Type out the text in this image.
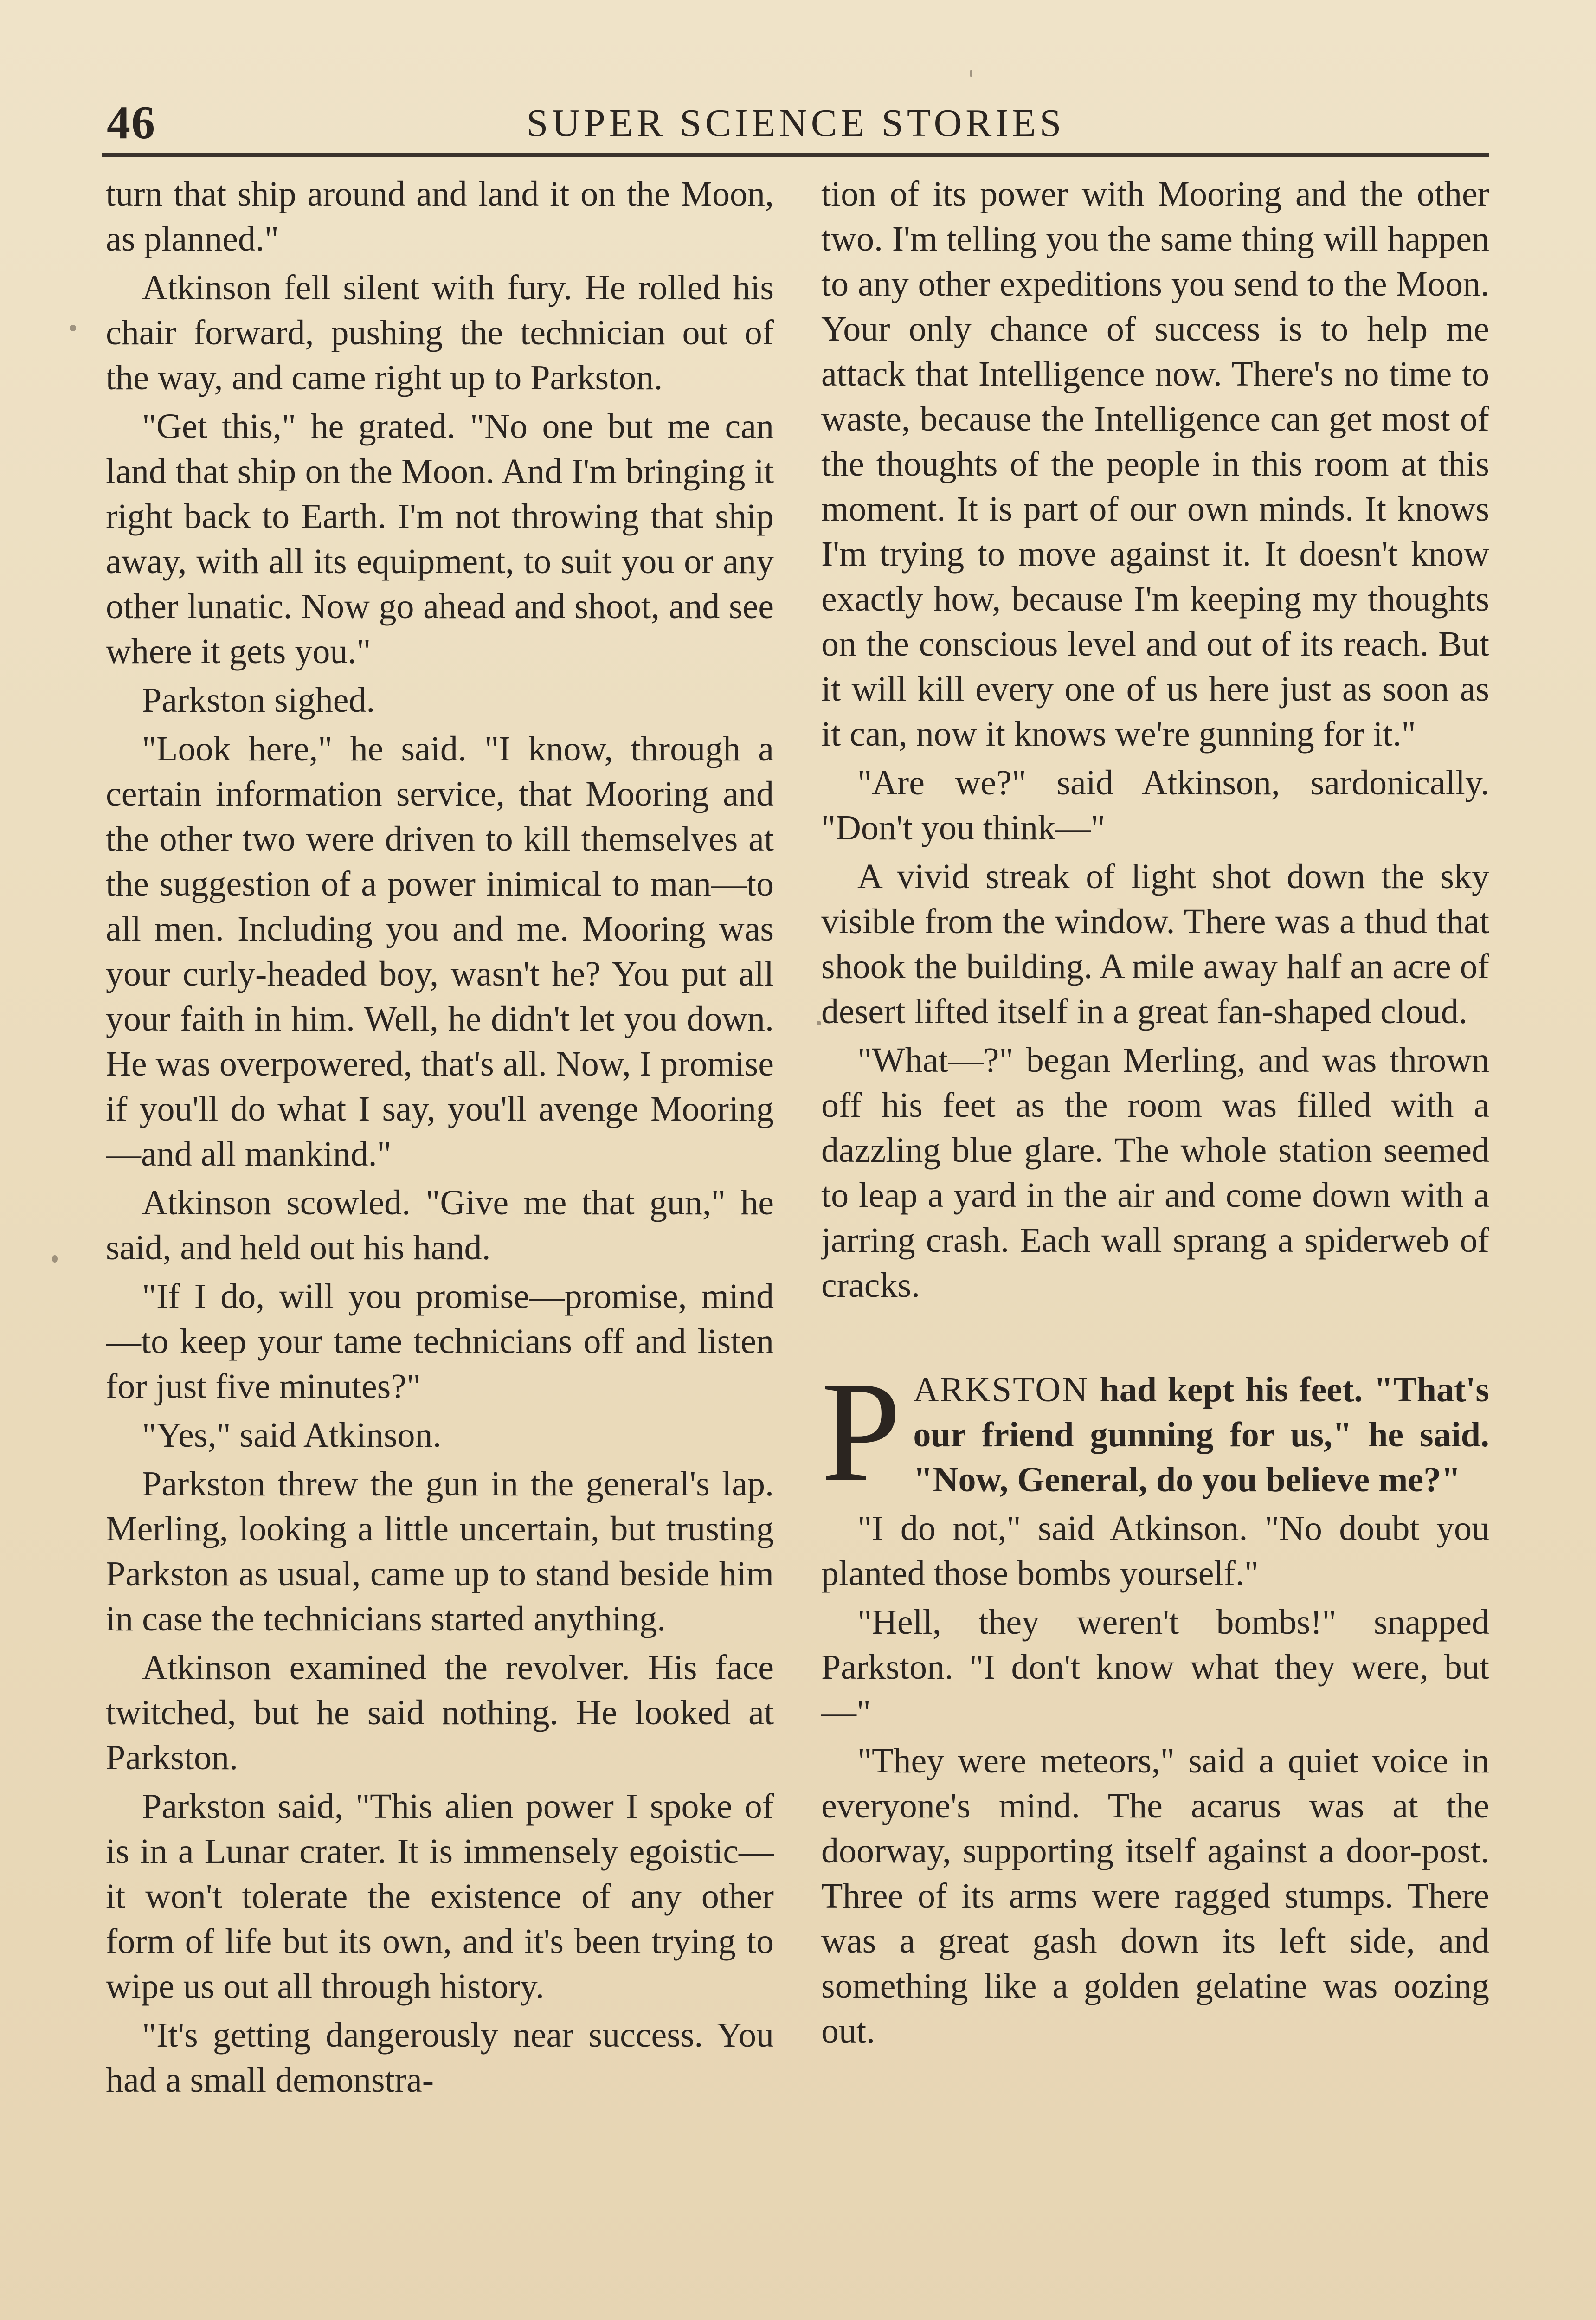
46	SUPER SCIENCE STORIES

turn that ship around and land it on the Moon, as planned."

Atkinson fell silent with fury. He rolled his chair forward, pushing the technician out of the way, and came right up to Parkston.

"Get this," he grated. "No one but me can land that ship on the Moon. And I'm bringing it right back to Earth. I'm not throwing that ship away, with all its equipment, to suit you or any other lunatic. Now go ahead and shoot, and see where it gets you."

Parkston sighed.

"Look here," he said. "I know, through a certain information service, that Mooring and the other two were driven to kill themselves at the suggestion of a power inimical to man—to all men. Including you and me. Mooring was your curly-headed boy, wasn't he? You put all your faith in him. Well, he didn't let you down. He was overpowered, that's all. Now, I promise if you'll do what I say, you'll avenge Mooring—and all mankind."

Atkinson scowled. "Give me that gun," he said, and held out his hand.

"If I do, will you promise—promise, mind—to keep your tame technicians off and listen for just five minutes?"

"Yes," said Atkinson.

Parkston threw the gun in the general's lap. Merling, looking a little uncertain, but trusting Parkston as usual, came up to stand beside him in case the technicians started anything.

Atkinson examined the revolver. His face twitched, but he said nothing. He looked at Parkston.

Parkston said, "This alien power I spoke of is in a Lunar crater. It is immensely egoistic—it won't tolerate the existence of any other form of life but its own, and it's been trying to wipe us out all through history.

"It's getting dangerously near success. You had a small demonstra-

tion of its power with Mooring and the other two. I'm telling you the same thing will happen to any other expeditions you send to the Moon. Your only chance of success is to help me attack that Intelligence now. There's no time to waste, because the Intelligence can get most of the thoughts of the people in this room at this moment. It is part of our own minds. It knows I'm trying to move against it. It doesn't know exactly how, because I'm keeping my thoughts on the conscious level and out of its reach. But it will kill every one of us here just as soon as it can, now it knows we're gunning for it."

"Are we?" said Atkinson, sardonically. "Don't you think—"

A vivid streak of light shot down the sky visible from the window. There was a thud that shook the building. A mile away half an acre of desert lifted itself in a great fan-shaped cloud.

"What—?" began Merling, and was thrown off his feet as the room was filled with a dazzling blue glare. The whole station seemed to leap a yard in the air and come down with a jarring crash. Each wall sprang a spiderweb of cracks.

PARKSTON had kept his feet. "That's our friend gunning for us," he said. "Now, General, do you believe me?"

"I do not," said Atkinson. "No doubt you planted those bombs yourself."

"Hell, they weren't bombs!" snapped Parkston. "I don't know what they were, but—"

"They were meteors," said a quiet voice in everyone's mind. The acarus was at the doorway, supporting itself against a door-post. Three of its arms were ragged stumps. There was a great gash down its left side, and something like a golden gelatine was oozing out.
